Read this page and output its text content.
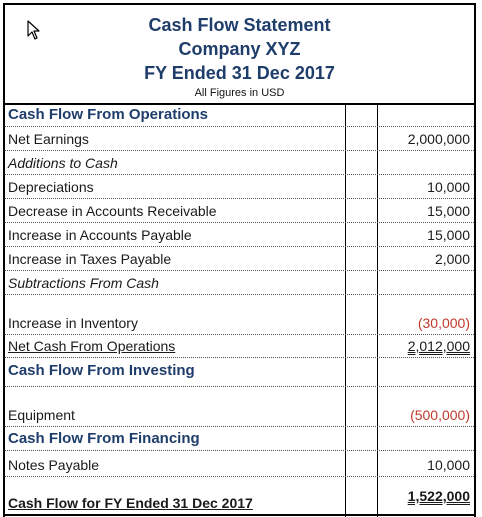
Cash Flow Statement
Company XYZ
FY Ended 31 Dec 2017
All Figures in USD
Cash Flow From Operations
Net Earnings	2,000,000
Additions to Cash
Depreciations	10,000
Decrease in Accounts Receivable	15,000
Increase in Accounts Payable	15,000
Increase in Taxes Payable	2,000
Subtractions From Cash
Increase in Inventory	(30,000)
Net Cash From Operations	2,012,000
Cash Flow From Investing
Equipment	(500,000)
Cash Flow From Financing
Notes Payable	10,000
Cash Flow for FY Ended 31 Dec 2017	1,522,000
